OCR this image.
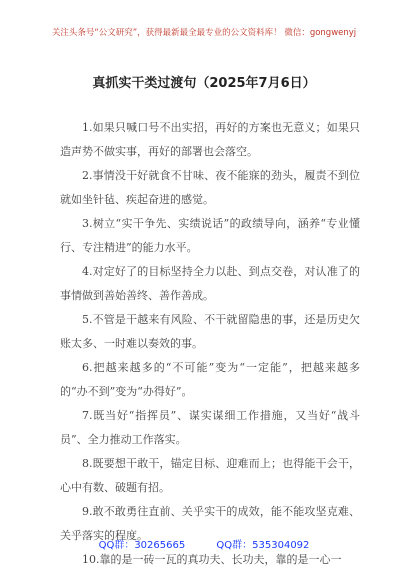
关注头条号“公文研究”，获得最新最全最专业的公文资料库！ 微信：gongwenyj
真抓实干类过渡句（2025年7月6日）

1.如果只喊口号不出实招，再好的方案也无意义；如果只造声势不做实事，再好的部署也会落空。

2.事情没干好就食不甘味、夜不能寐的劲头，履责不到位就如坐针毡、疾起奋进的感觉。

3.树立“实干争先、实绩说话”的政绩导向，涵养“专业懂行、专注精进”的能力水平。

4.对定好了的目标坚持全力以赴、到点交卷，对认准了的事情做到善始善终、善作善成。

5.不管是干越来有风险、不干就留隐患的事，还是历史欠账太多、一时难以奏效的事。

6.把越来越多的“不可能”变为“一定能”，把越来越多的“办不到”变为“办得好”。

7.既当好“指挥员”、谋实谋细工作措施，又当好“战斗员”、全力推动工作落实。

8.既要想干敢干，锚定目标、迎难而上；也得能干会干，心中有数、破题有招。

9.敢不敢勇往直前、关乎实干的成效，能不能攻坚克难、关乎落实的程度。

10.靠的是一砖一瓦的真功夫、长功夫，靠的是一心一

QQ群：30265665	QQ群：535304092
